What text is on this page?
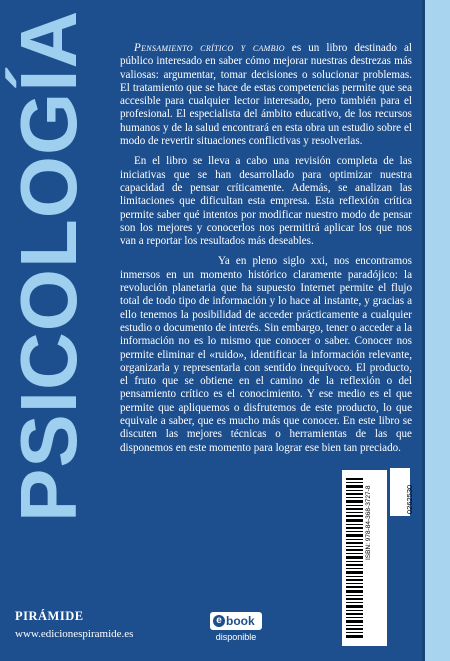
PSICOLOGÍA	Pensamiento crítico y cambio es un libro destinado al público interesado en saber cómo mejorar nuestras destrezas más valiosas: argumentar, tomar decisiones o solucionar problemas. El tratamiento que se hace de estas competencias permite que sea accesible para cualquier lector interesado, pero también para el profesional. El especialista del ámbito educativo, de los recursos humanos y de la salud encontrará en esta obra un estudio sobre el modo de revertir situaciones conflictivas y resolverlas.

En el libro se lleva a cabo una revisión completa de las iniciativas que se han desarrollado para optimizar nuestra capacidad de pensar críticamente. Además, se analizan las limitaciones que dificultan esta empresa. Esta reflexión crítica permite saber qué intentos por modificar nuestro modo de pensar son los mejores y conocerlos nos permitirá aplicar los que nos van a reportar los resultados más deseables.

Ya en pleno siglo xxi, nos encontramos inmersos en un momento histórico claramente paradójico: la revolución planetaria que ha supuesto Internet permite el flujo total de todo tipo de información y lo hace al instante, y gracias a ello tenemos la posibilidad de acceder prácticamente a cualquier estudio o documento de interés. Sin embargo, tener o acceder a la información no es lo mismo que conocer o saber. Conocer nos permite eliminar el «ruido», identificar la información relevante, organizarla y representarla con sentido inequívoco. El producto, el fruto que se obtiene en el camino de la reflexión o del pensamiento crítico es el conocimiento. Y ese medio es el que permite que apliquemos o disfrutemos de este producto, lo que equivale a saber, que es mucho más que conocer. En este libro se discuten las mejores técnicas o herramientas de las que disponemos en este momento para lograr ese bien tan preciado.

PIRÁMIDE
www.edicionespiramide.es
e book
disponible
ISBN: 978-84-368-3727-8	0262530
